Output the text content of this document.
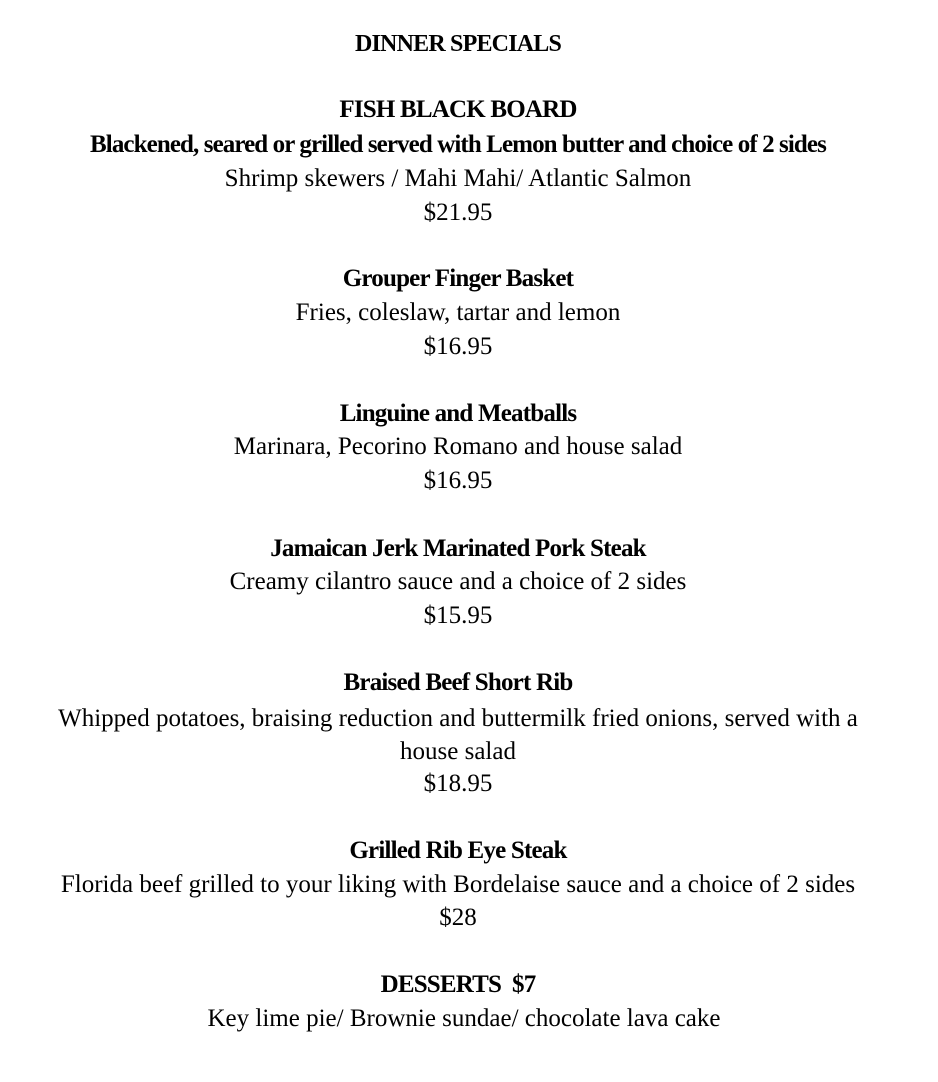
DINNER SPECIALS
FISH BLACK BOARD
Blackened, seared or grilled served with Lemon butter and choice of 2 sides
Shrimp skewers / Mahi Mahi/ Atlantic Salmon
$21.95
Grouper Finger Basket
Fries, coleslaw, tartar and lemon
$16.95
Linguine and Meatballs
Marinara, Pecorino Romano and house salad
$16.95
Jamaican Jerk Marinated Pork Steak
Creamy cilantro sauce and a choice of 2 sides
$15.95
Braised Beef Short Rib
Whipped potatoes, braising reduction and buttermilk fried onions, served with a house salad
$18.95
Grilled Rib Eye Steak
Florida beef grilled to your liking with Bordelaise sauce and a choice of 2 sides
$28
DESSERTS  $7
Key lime pie/ Brownie sundae/ chocolate lava cake
